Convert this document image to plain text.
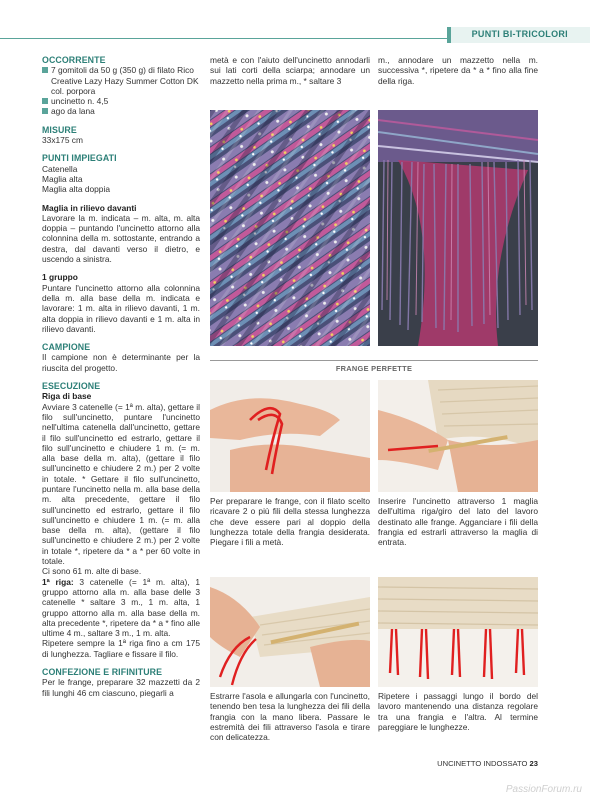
PUNTI BI-TRICOLORI
OCCORRENTE
7 gomitoli da 50 g (350 g) di filato Rico Creative Lazy Hazy Summer Cotton DK col. porpora
uncinetto n. 4,5
ago da lana
MISURE
33x175 cm
PUNTI IMPIEGATI
Catenella
Maglia alta
Maglia alta doppia
Maglia in rilievo davanti
Lavorare la m. indicata – m. alta, m. alta doppia – puntando l'uncinetto attorno alla colonnina della m. sottostante, entrando a destra, dal davanti verso il dietro, e uscendo a sinistra.
1 gruppo
Puntare l'uncinetto attorno alla colonnina della m. alla base della m. indicata e lavorare: 1 m. alta in rilievo davanti, 1 m. alta doppia in rilievo davanti e 1 m. alta in rilievo davanti.
CAMPIONE
Il campione non è determinante per la riuscita del progetto.
ESECUZIONE
Riga di base
Avviare 3 catenelle (= 1ª m. alta), gettare il filo sull'uncinetto, puntare l'uncinetto nell'ultima catenella dall'uncinetto, gettare il filo sull'uncinetto ed estrarlo, gettare il filo sull'uncinetto e chiudere 1 m. (= m. alla base della m. alta), (gettare il filo sull'uncinetto e chiudere 2 m.) per 2 volte in totale. * Gettare il filo sull'uncinetto, puntare l'uncinetto nella m. alla base della m. alta precedente, gettare il filo sull'uncinetto ed estrarlo, gettare il filo sull'uncinetto e chiudere 1 m. (= m. alla base della m. alta), (gettare il filo sull'uncinetto e chiudere 2 m.) per 2 volte in totale *, ripetere da * a * per 60 volte in totale.
Ci sono 61 m. alte di base.
1ª riga: 3 catenelle (= 1ª m. alta), 1 gruppo attorno alla m. alla base delle 3 catenelle * saltare 3 m., 1 m. alta, 1 gruppo attorno alla m. alla base della m. alta precedente *, ripetere da * a * fino alle ultime 4 m., saltare 3 m., 1 m. alta.
Ripetere sempre la 1ª riga fino a cm 175 di lunghezza. Tagliare e fissare il filo.
CONFEZIONE E RIFINITURE
Per le frange, preparare 32 mazzetti da 2 fili lunghi 46 cm ciascuno, piegarli a
metà e con l'aiuto dell'uncinetto annodarli sui lati corti della sciarpa; annodare un mazzetto nella prima m., * saltare 3
m., annodare un mazzetto nella m. successiva *, ripetere da * a * fino alla fine della riga.
FRANGE PERFETTE
Per preparare le frange, con il filato scelto ricavare 2 o più fili della stessa lunghezza che deve essere pari al doppio della lunghezza totale della frangia desiderata. Piegare i fili a metà.
Inserire l'uncinetto attraverso 1 maglia dell'ultima riga/giro del lato del lavoro destinato alle frange. Agganciare i fili della frangia ed estrarli attraverso la maglia di entrata.
Estrarre l'asola e allungarla con l'uncinetto, tenendo ben tesa la lunghezza dei fili della frangia con la mano libera. Passare le estremità dei fili attraverso l'asola e tirare con delicatezza.
Ripetere i passaggi lungo il bordo del lavoro mantenendo una distanza regolare tra una frangia e l'altra. Al termine pareggiare le lunghezze.
UNCINETTO INDOSSATO 23
PassionForum.ru
